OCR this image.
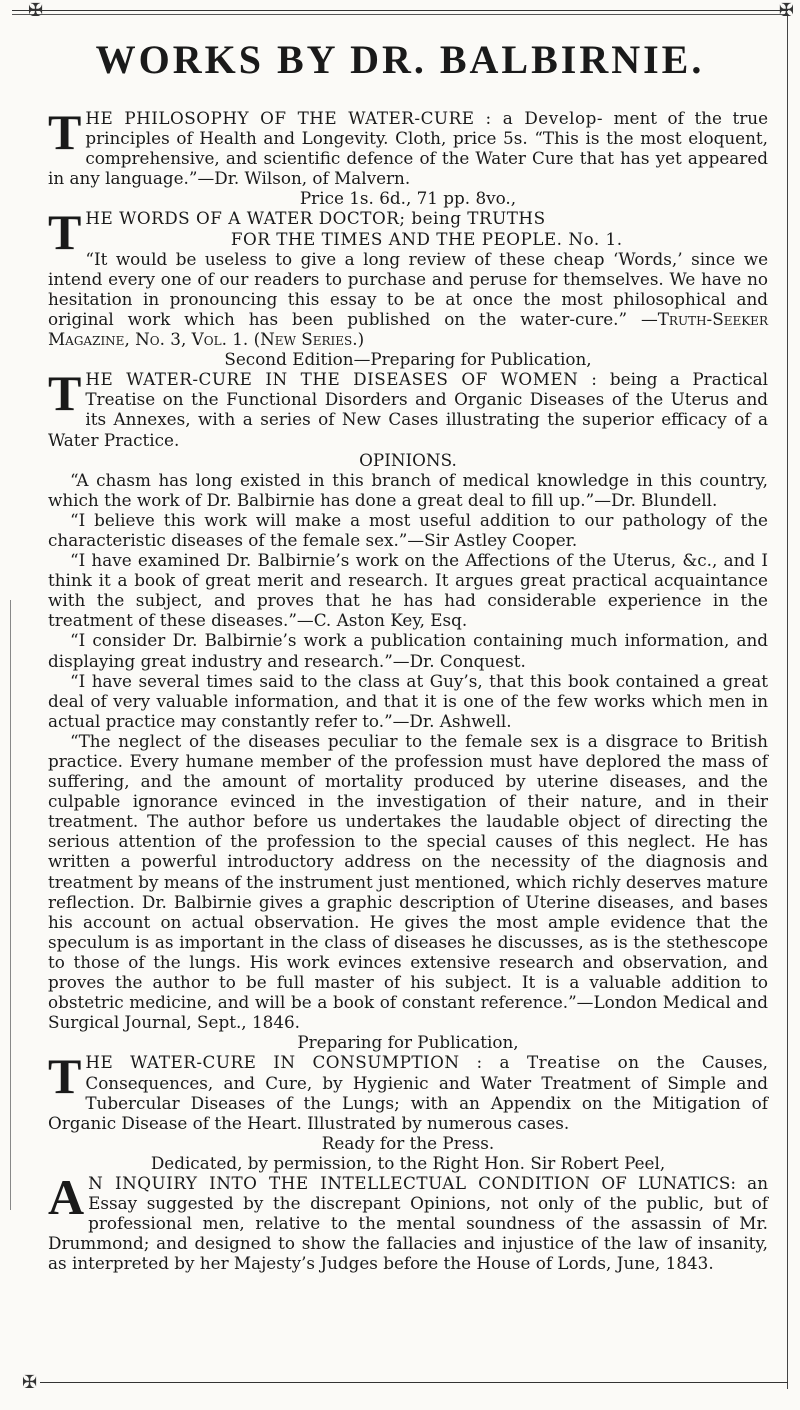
✠	✠
✠
WORKS BY DR. BALBIRNIE.
T HE PHILOSOPHY OF THE WATER-CURE : a Develop- ment of the true principles of Health and Longevity. Cloth, price 5s. “This is the most eloquent, comprehensive, and scientific defence of the Water Cure that has yet appeared in any language.”—Dr. Wilson, of Malvern.
Price 1s. 6d., 71 pp. 8vo.,
T HE WORDS OF A WATER DOCTOR; being TRUTHS
FOR THE TIMES AND THE PEOPLE. No. 1.
“It would be useless to give a long review of these cheap ‘Words,’ since we intend every one of our readers to purchase and peruse for themselves. We have no hesitation in pronouncing this essay to be at once the most philosophical and original work which has been published on the water-cure.” —Truth-Seeker Magazine, No. 3, Vol. 1. (New Series.)
Second Edition—Preparing for Publication,
T HE WATER-CURE IN THE DISEASES OF WOMEN : being a Practical Treatise on the Functional Disorders and Organic Diseases of the Uterus and its Annexes, with a series of New Cases illustrating the superior efficacy of a Water Practice.
OPINIONS.
“A chasm has long existed in this branch of medical knowledge in this country, which the work of Dr. Balbirnie has done a great deal to fill up.”—Dr. Blundell.
“I believe this work will make a most useful addition to our pathology of the characteristic diseases of the female sex.”—Sir Astley Cooper.
“I have examined Dr. Balbirnie’s work on the Affections of the Uterus, &c., and I think it a book of great merit and research. It argues great practical acquaintance with the subject, and proves that he has had considerable experience in the treatment of these diseases.”—C. Aston Key, Esq.
“I consider Dr. Balbirnie’s work a publication containing much information, and displaying great industry and research.”—Dr. Conquest.
“I have several times said to the class at Guy’s, that this book contained a great deal of very valuable information, and that it is one of the few works which men in actual practice may constantly refer to.”—Dr. Ashwell.
“The neglect of the diseases peculiar to the female sex is a disgrace to British practice. Every humane member of the profession must have deplored the mass of suffering, and the amount of mortality produced by uterine diseases, and the culpable ignorance evinced in the investigation of their nature, and in their treatment. The author before us undertakes the laudable object of directing the serious attention of the profession to the special causes of this neglect. He has written a powerful introductory address on the necessity of the diagnosis and treatment by means of the instrument just mentioned, which richly deserves mature reflection. Dr. Balbirnie gives a graphic description of Uterine diseases, and bases his account on actual observation. He gives the most ample evidence that the speculum is as important in the class of diseases he discusses, as is the stethescope to those of the lungs. His work evinces extensive research and observation, and proves the author to be full master of his subject. It is a valuable addition to obstetric medicine, and will be a book of constant reference.”—London Medical and Surgical Journal, Sept., 1846.
Preparing for Publication,
T HE WATER-CURE IN CONSUMPTION : a Treatise on the Causes, Consequences, and Cure, by Hygienic and Water Treatment of Simple and Tubercular Diseases of the Lungs; with an Appendix on the Mitigation of Organic Disease of the Heart. Illustrated by numerous cases.
Ready for the Press.
Dedicated, by permission, to the Right Hon. Sir Robert Peel,
A N INQUIRY INTO THE INTELLECTUAL CONDITION OF LUNATICS: an Essay suggested by the discrepant Opinions, not only of the public, but of professional men, relative to the mental soundness of the assassin of Mr. Drummond; and designed to show the fallacies and injustice of the law of insanity, as interpreted by her Majesty’s Judges before the House of Lords, June, 1843.
